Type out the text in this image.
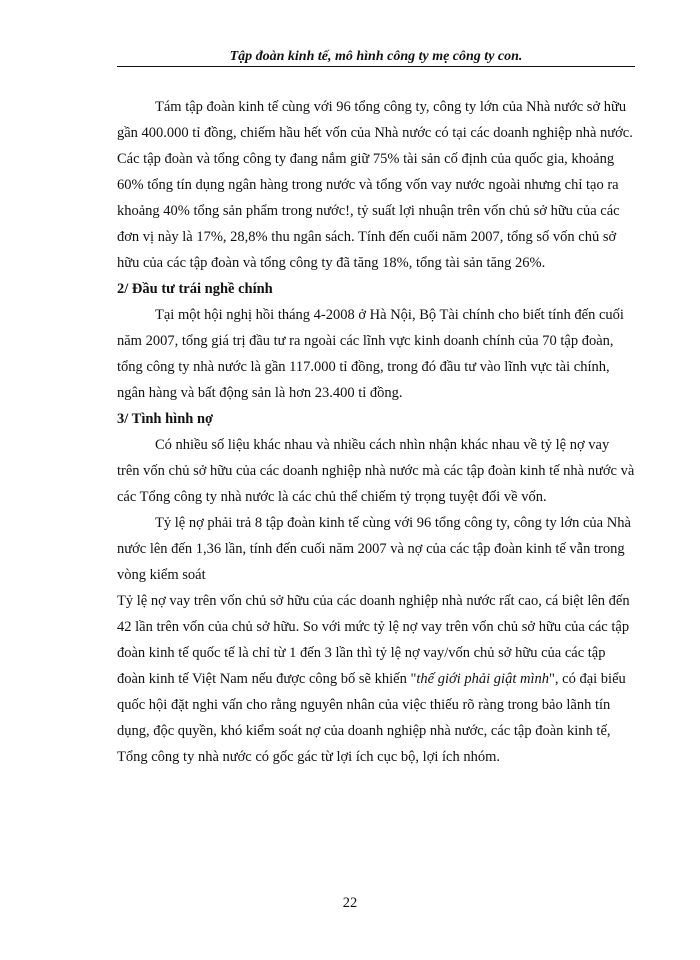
Tập đoàn kinh tế, mô hình công ty mẹ công ty con.

Tám tập đoàn kinh tế cùng với 96 tổng công ty, công ty lớn của Nhà nước sở hữu gần 400.000 tỉ đồng, chiếm hầu hết vốn của Nhà nước có tại các doanh nghiệp nhà nước. Các tập đoàn và tổng công ty đang nắm giữ 75% tài sản cố định của quốc gia, khoảng 60% tổng tín dụng ngân hàng trong nước và tổng vốn vay nước ngoài nhưng chỉ tạo ra khoảng 40% tổng sản phẩm trong nước!, tỷ suất lợi nhuận trên vốn chủ sở hữu của các đơn vị này là 17%, 28,8% thu ngân sách. Tính đến cuối năm 2007, tổng số vốn chủ sở hữu của các tập đoàn và tổng công ty đã tăng 18%, tổng tài sản tăng 26%.

2/ Đầu tư trái nghề chính

Tại một hội nghị hồi tháng 4-2008 ở Hà Nội, Bộ Tài chính cho biết tính đến cuối năm 2007, tổng giá trị đầu tư ra ngoài các lĩnh vực kinh doanh chính của 70 tập đoàn, tổng công ty nhà nước là gần 117.000 tỉ đồng, trong đó đầu tư vào lĩnh vực tài chính, ngân hàng và bất động sản là hơn 23.400 tỉ đồng.

3/ Tình hình nợ

Có nhiều số liệu khác nhau và nhiều cách nhìn nhận khác nhau về tỷ lệ nợ vay trên vốn chủ sở hữu của các doanh nghiệp nhà nước mà các tập đoàn kinh tế nhà nước và các Tổng công ty nhà nước là các chủ thể chiếm tỷ trọng tuyệt đối về vốn.

Tỷ lệ nợ phải trả 8 tập đoàn kinh tế cùng với 96 tổng công ty, công ty lớn của Nhà nước lên đến 1,36 lần, tính đến cuối năm 2007 và nợ của các tập đoàn kinh tế vẫn trong vòng kiểm soát

Tỷ lệ nợ vay trên vốn chủ sở hữu của các doanh nghiệp nhà nước rất cao, cá biệt lên đến 42 lần trên vốn của chủ sở hữu. So với mức tỷ lệ nợ vay trên vốn chủ sở hữu của các tập đoàn kinh tế quốc tế là chỉ từ 1 đến 3 lần thì tỷ lệ nợ vay/vốn chủ sở hữu của các tập đoàn kinh tế Việt Nam nếu được công bố sẽ khiến "thế giới phải giật mình", có đại biểu quốc hội đặt nghi vấn cho rằng nguyên nhân của việc thiếu rõ ràng trong bảo lãnh tín dụng, độc quyền, khó kiểm soát nợ của doanh nghiệp nhà nước, các tập đoàn kinh tế, Tổng công ty nhà nước có gốc gác từ lợi ích cục bộ, lợi ích nhóm.

22
